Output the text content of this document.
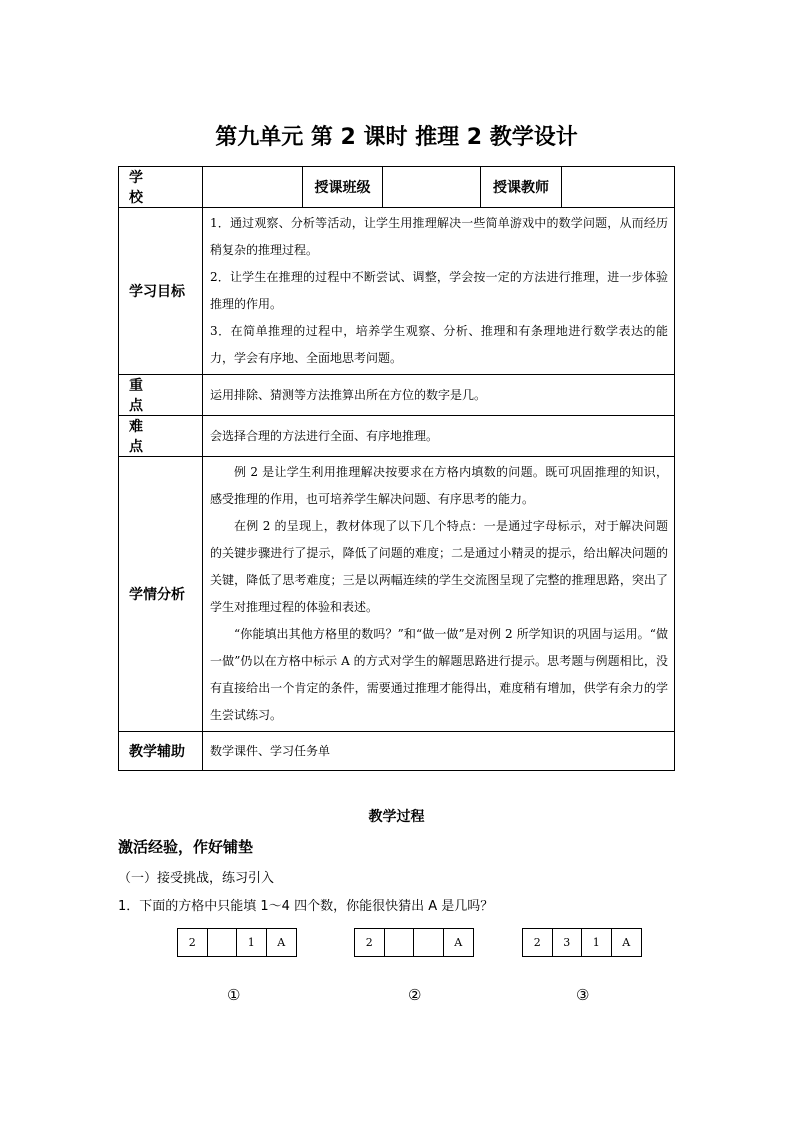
第九单元 第 2 课时 推理 2 教学设计
学　　校		授课班级		授课教师	
学习目标	1．通过观察、分析等活动，让学生用推理解决一些简单游戏中的数学问题，从而经历稍复杂的推理过程。

2．让学生在推理的过程中不断尝试、调整，学会按一定的方法进行推理，进一步体验推理的作用。

3．在简单推理的过程中，培养学生观察、分析、推理和有条理地进行数学表达的能力，学会有序地、全面地思考问题。				

重　　点	运用排除、猜测等方法推算出所在方位的数字是几。				
难　　点	会选择合理的方法进行全面、有序地推理。				
学情分析	例 2 是让学生利用推理解决按要求在方格内填数的问题。既可巩固推理的知识，感受推理的作用，也可培养学生解决问题、有序思考的能力。

在例 2 的呈现上，教材体现了以下几个特点：一是通过字母标示，对于解决问题的关键步骤进行了提示，降低了问题的难度；二是通过小精灵的提示，给出解决问题的关键，降低了思考难度；三是以两幅连续的学生交流图呈现了完整的推理思路，突出了学生对推理过程的体验和表述。

“你能填出其他方格里的数吗？”和“做一做”是对例 2 所学知识的巩固与运用。“做一做”仍以在方格中标示 A 的方式对学生的解题思路进行提示。思考题与例题相比，没有直接给出一个肯定的条件，需要通过推理才能得出，难度稍有增加，供学有余力的学生尝试练习。				

教学辅助	数学课件、学习任务单				
教学过程
激活经验，作好铺垫
（一）接受挑战，练习引入
1．下面的方格中只能填 1～4 四个数，你能很快猜出 A 是几吗？
2	1	A	2	A	2	3	1	A
①	②	③
